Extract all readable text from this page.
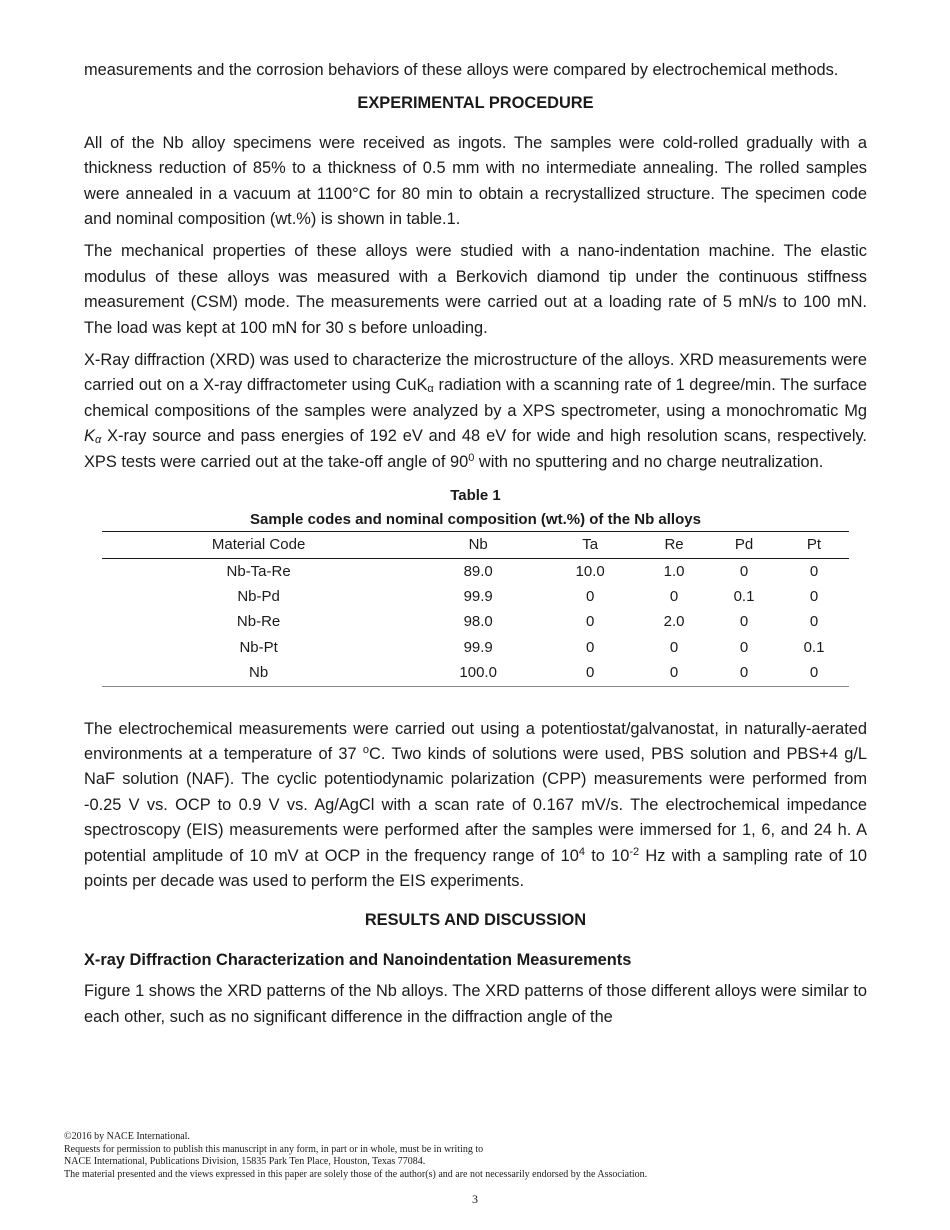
measurements and the corrosion behaviors of these alloys were compared by electrochemical methods.

EXPERIMENTAL PROCEDURE

All of the Nb alloy specimens were received as ingots. The samples were cold-rolled gradually with a thickness reduction of 85% to a thickness of 0.5 mm with no intermediate annealing. The rolled samples were annealed in a vacuum at 1100°C for 80 min to obtain a recrystallized structure. The specimen code and nominal composition (wt.%) is shown in table.1.

The mechanical properties of these alloys were studied with a nano-indentation machine. The elastic modulus of these alloys was measured with a Berkovich diamond tip under the continuous stiffness measurement (CSM) mode. The measurements were carried out at a loading rate of 5 mN/s to 100 mN. The load was kept at 100 mN for 30 s before unloading.

X-Ray diffraction (XRD) was used to characterize the microstructure of the alloys. XRD measurements were carried out on a X-ray diffractometer using CuK$_\alpha$ radiation with a scanning rate of 1 degree/min. The surface chemical compositions of the samples were analyzed by a XPS spectrometer, using a monochromatic Mg $K_\alpha$ X-ray source and pass energies of 192 eV and 48 eV for wide and high resolution scans, respectively. XPS tests were carried out at the take-off angle of $90^0$ with no sputtering and no charge neutralization.

Table 1
Sample codes and nominal composition (wt.%) of the Nb alloys
Material Code	Nb	Ta	Re	Pd	Pt
Nb-Ta-Re	89.0	10.0	1.0	0	0
Nb-Pd	99.9	0	0	0.1	0
Nb-Re	98.0	0	2.0	0	0
Nb-Pt	99.9	0	0	0	0.1
Nb	100.0	0	0	0	0

The electrochemical measurements were carried out using a potentiostat/galvanostat, in naturally-aerated environments at a temperature of 37 $^o$C. Two kinds of solutions were used, PBS solution and PBS+4 g/L NaF solution (NAF). The cyclic potentiodynamic polarization (CPP) measurements were performed from -0.25 V vs. OCP to 0.9 V vs. Ag/AgCl with a scan rate of 0.167 mV/s. The electrochemical impedance spectroscopy (EIS) measurements were performed after the samples were immersed for 1, 6, and 24 h. A potential amplitude of 10 mV at OCP in the frequency range of $10^4$ to $10^{-2}$ Hz with a sampling rate of 10 points per decade was used to perform the EIS experiments.

RESULTS AND DISCUSSION
X-ray Diffraction Characterization and Nanoindentation Measurements

Figure 1 shows the XRD patterns of the Nb alloys. The XRD patterns of those different alloys were similar to each other, such as no significant difference in the diffraction angle of the

©2016 by NACE International.
Requests for permission to publish this manuscript in any form, in part or in whole, must be in writing to
NACE International, Publications Division, 15835 Park Ten Place, Houston, Texas 77084.
The material presented and the views expressed in this paper are solely those of the author(s) and are not necessarily endorsed by the Association.
3
